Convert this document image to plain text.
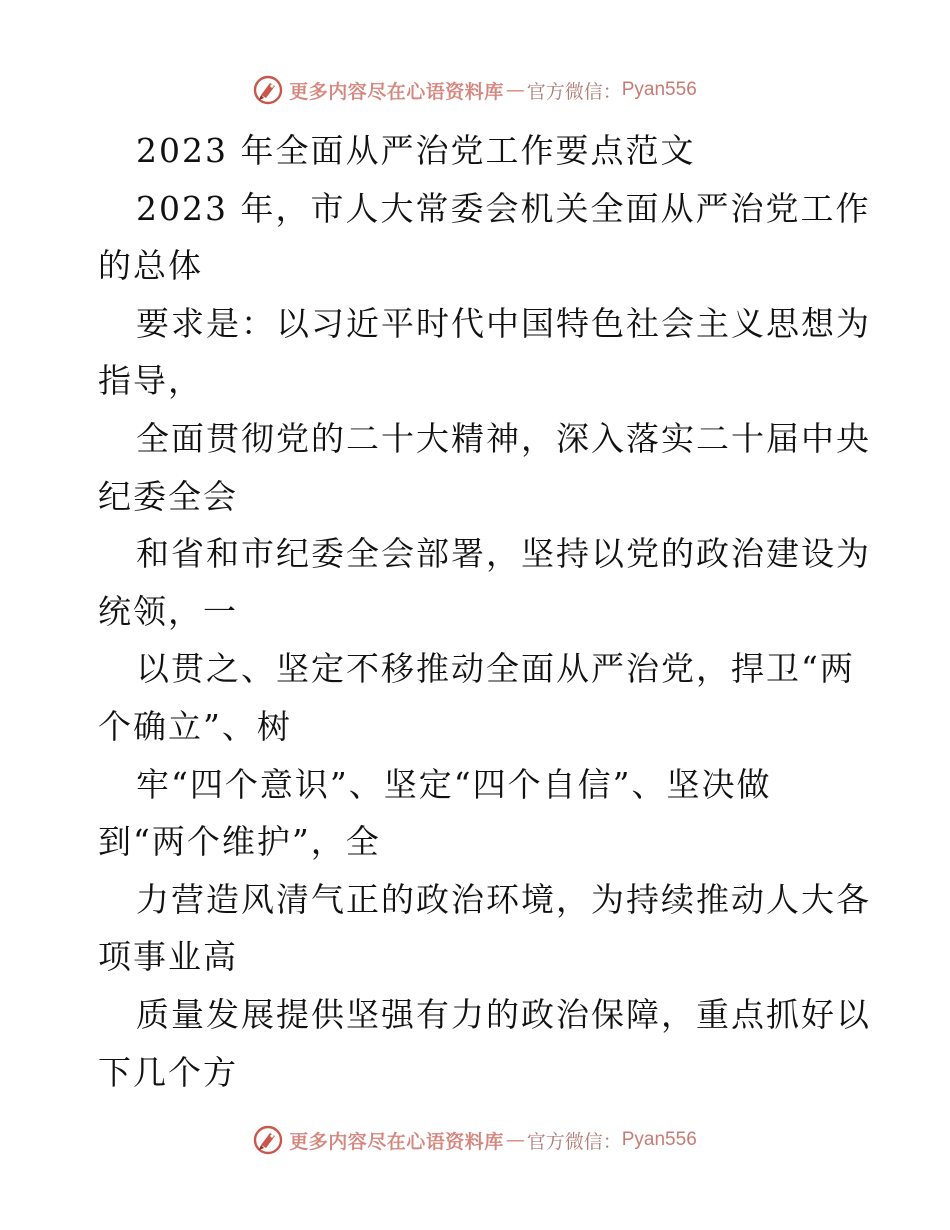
更多内容尽在心语资料库 — 官方微信： Pyan556
2023 年全面从严治党工作要点范文
2023 年，市人大常委会机关全面从严治党工作
的总体
要求是：以习近平时代中国特色社会主义思想为
指导，
全面贯彻党的二十大精神，深入落实二十届中央
纪委全会
和省和市纪委全会部署，坚持以党的政治建设为
统领，一
以贯之、坚定不移推动全面从严治党，捍卫“两
个确立”、树
牢“四个意识”、坚定“四个自信”、坚决做
到“两个维护”，全
力营造风清气正的政治环境，为持续推动人大各
项事业高
质量发展提供坚强有力的政治保障，重点抓好以
下几个方
更多内容尽在心语资料库 — 官方微信： Pyan556
